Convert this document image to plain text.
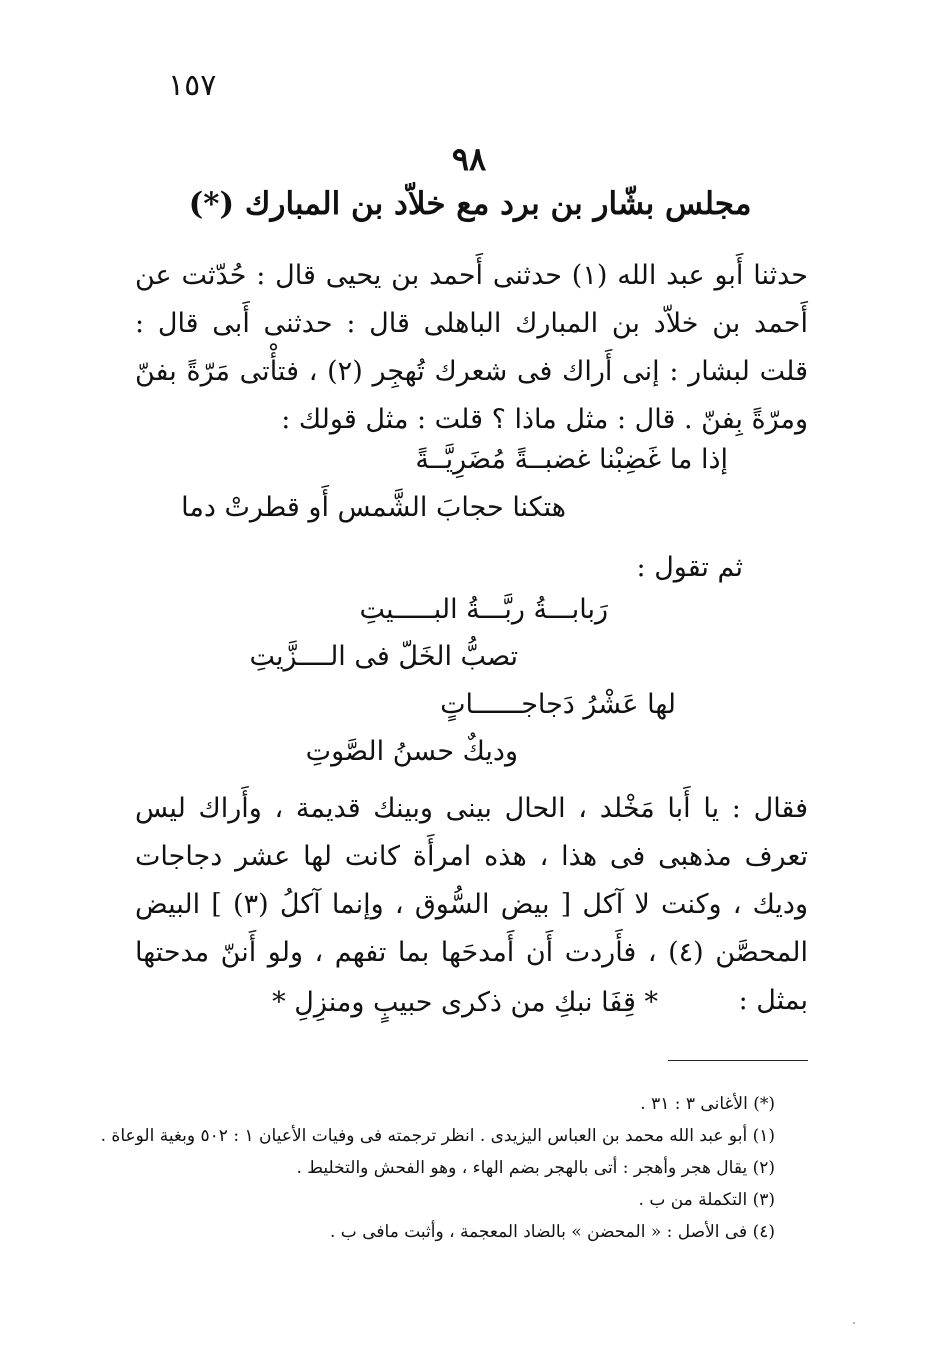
١٥٧
٩٨
مجلس بشّار بن برد مع خلاّد بن المبارك (*)
حدثنا أَبو عبد الله (١) حدثنى أَحمد بن يحيى قال : حُدّثت عن أَحمد بن خلاّد بن المبارك الباهلى قال : حدثنى أَبى قال : قلت لبشار : إنى أَراك فى شعرك تُهجِر (٢) ، فتأْتى مَرّةً بفنّ ومرّةً بِفنّ . قال : مثل ماذا ؟ قلت : مثل قولك :
إذا ما غَضِبْنا غضبــةً مُضَرِيَّــةً
هتكنا حجابَ الشَّمس أَو قطرتْ دما
ثم تقول :
رَبابـــةُ ربَّـــةُ البـــــيتِ
تصبُّ الخَلّ فى الــــزَّيتِ
لها عَشْرُ دَجاجــــــاتٍ
وديكٌ حسنُ الصَّوتِ
فقال : يا أَبا مَخْلد ، الحال بينى وبينك قديمة ، وأَراك ليس تعرف مذهبى فى هذا ، هذه امرأَة كانت لها عشر دجاجات وديك ، وكنت لا آكل [ بيض السُّوق ، وإنما آكلُ (٣) ] البيض المحصَّن (٤) ، فأَردت أَن أَمدحَها بما تفهم ، ولو أَننّ مدحتها بمثل :
* قِفَا نبكِ من ذكرى حبيبٍ ومنزِلِ *
(*) الأغانى ٣ : ٣١ .
(١) أبو عبد الله محمد بن العباس اليزيدى . انظر ترجمته فى وفيات الأعيان ١ : ٥٠٢ وبغية الوعاة .
(٢) يقال هجر وأهجر : أتى بالهجر بضم الهاء ، وهو الفحش والتخليط .
(٣) التكملة من ب .
(٤) فى الأصل : « المحضن » بالضاد المعجمة ، وأثبت مافى ب .
